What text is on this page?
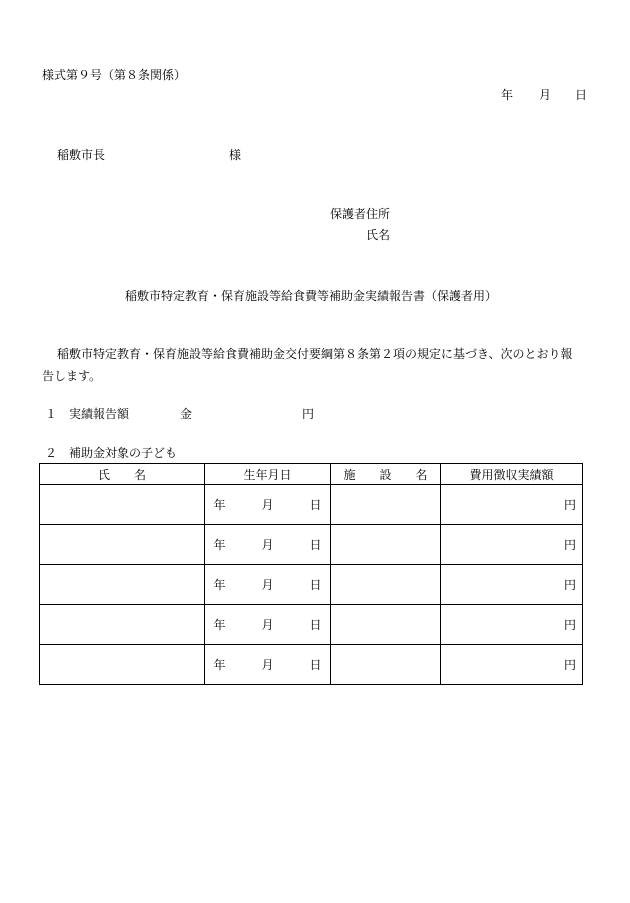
様式第９号（第８条関係）
年 月 日
稲敷市長	様
保護者住所
氏名
稲敷市特定教育・保育施設等給食費等補助金実績報告書（保護者用）
稲敷市特定教育・保育施設等給食費補助金交付要綱第８条第２項の規定に基づき、次のとおり報
告します。
１ 実績報告額	金	円
２ 補助金対象の子ども
氏　　名	生年月日	施　　設　　名	費用徴収実績額
	年 月 日		円
	年 月 日		円
	年 月 日		円
	年 月 日		円
	年 月 日		円
